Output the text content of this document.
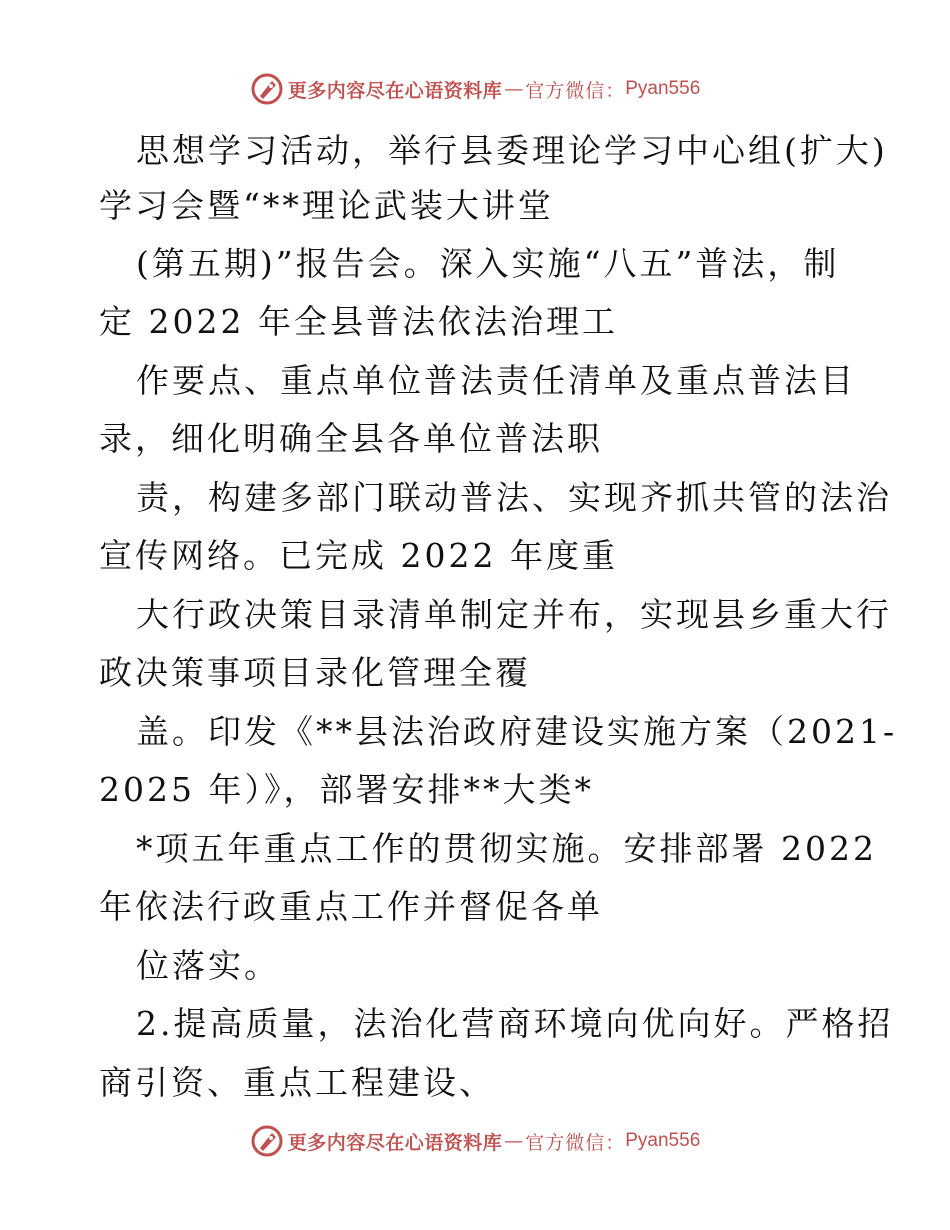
更多内容尽在心语资料库 — 官方微信： Pyan556
思想学习活动，举行县委理论学习中心组(扩大)
学习会暨“**理论武装大讲堂
(第五期)”报告会。深入实施“八五”普法，制
定 2022 年全县普法依法治理工
作要点、重点单位普法责任清单及重点普法目
录，细化明确全县各单位普法职
责，构建多部门联动普法、实现齐抓共管的法治
宣传网络。已完成 2022 年度重
大行政决策目录清单制定并布，实现县乡重大行
政决策事项目录化管理全覆
盖。印发《**县法治政府建设实施方案（2021-
2025 年）》，部署安排**大类*
*项五年重点工作的贯彻实施。安排部署 2022
年依法行政重点工作并督促各单
位落实。
2.提高质量，法治化营商环境向优向好。严格招
商引资、重点工程建设、
更多内容尽在心语资料库 — 官方微信： Pyan556
